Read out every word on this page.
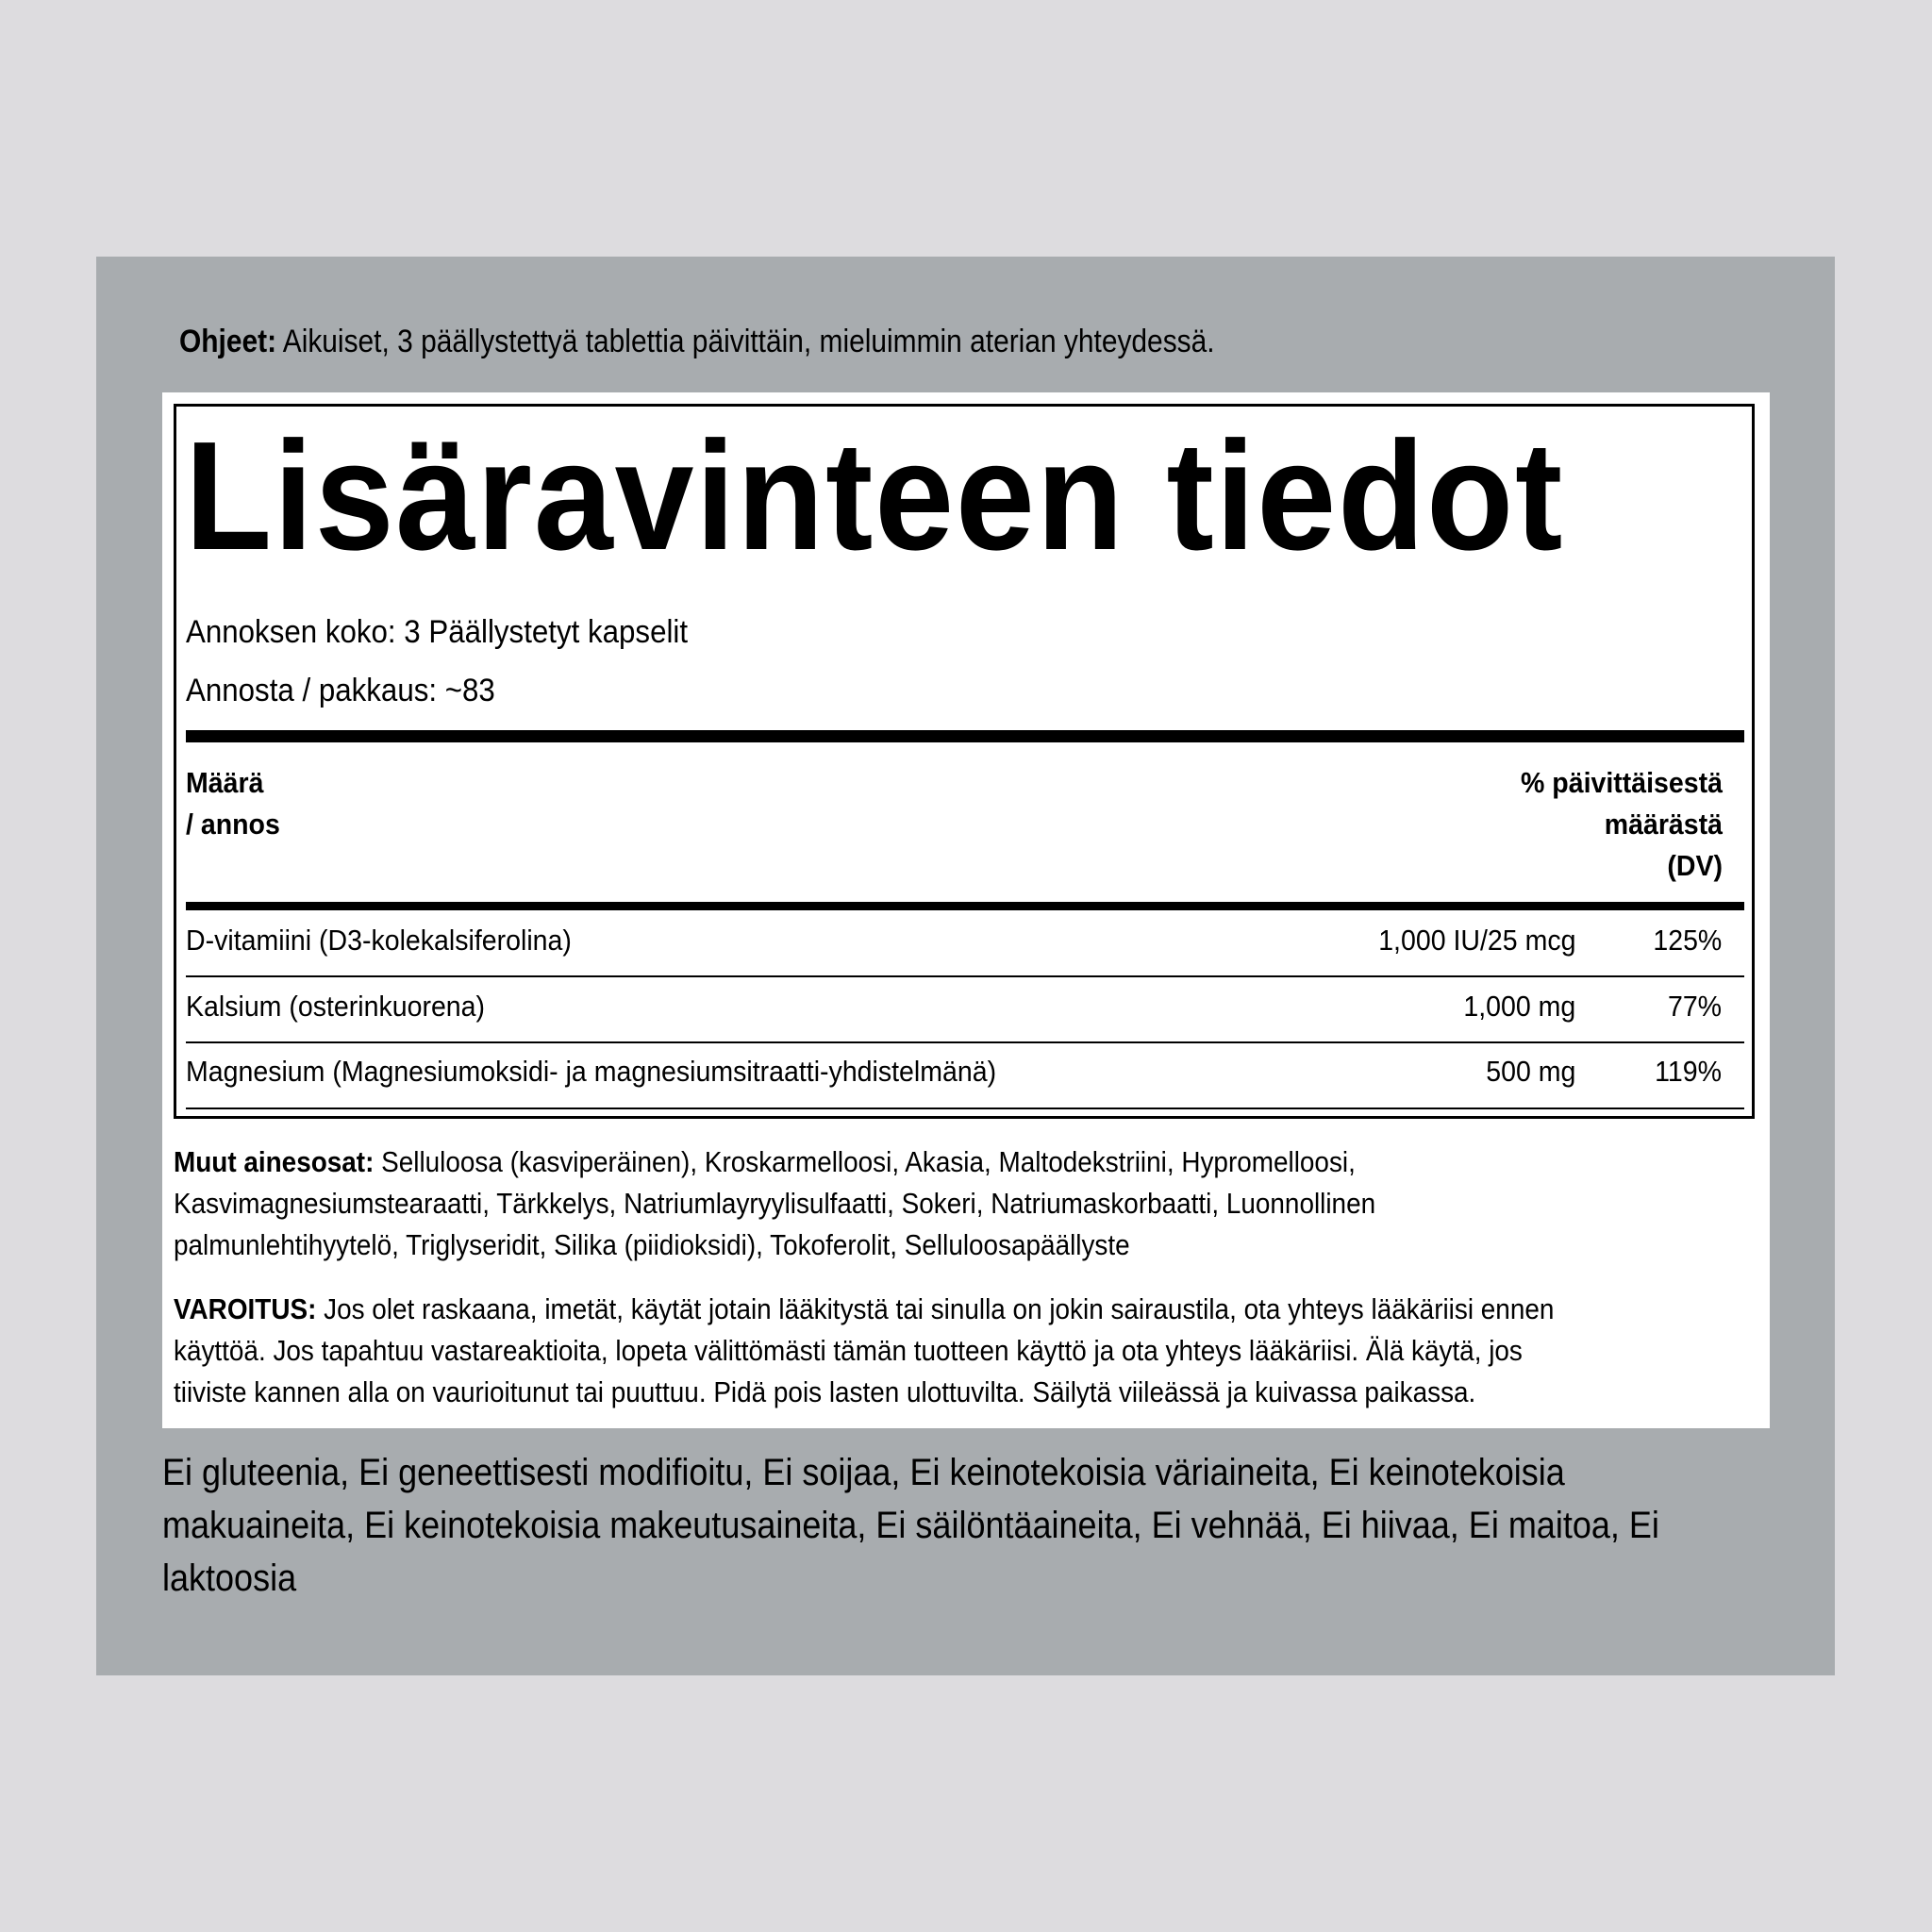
Ohjeet: Aikuiset, 3 päällystettyä tablettia päivittäin, mieluimmin aterian yhteydessä.
Lisäravinteen tiedot
Annoksen koko: 3 Päällystetyt kapselit
Annosta / pakkaus: ~83
Määrä
/ annos
% päivittäisestä
määrästä
(DV)
D-vitamiini (D3-kolekalsiferolina)	1,000 IU/25 mcg	125%
Kalsium (osterinkuorena)	1,000 mg	77%
Magnesium (Magnesiumoksidi- ja magnesiumsitraatti-yhdistelmänä)	500 mg	119%
Muut ainesosat: Selluloosa (kasviperäinen), Kroskarmelloosi, Akasia, Maltodekstriini, Hypromelloosi,
Kasvimagnesiumstearaatti, Tärkkelys, Natriumlayryylisulfaatti, Sokeri, Natriumaskorbaatti, Luonnollinen
palmunlehtihyytelö, Triglyseridit, Silika (piidioksidi), Tokoferolit, Selluloosapäällyste
VAROITUS: Jos olet raskaana, imetät, käytät jotain lääkitystä tai sinulla on jokin sairaustila, ota yhteys lääkäriisi ennen
käyttöä. Jos tapahtuu vastareaktioita, lopeta välittömästi tämän tuotteen käyttö ja ota yhteys lääkäriisi. Älä käytä, jos
tiiviste kannen alla on vaurioitunut tai puuttuu. Pidä pois lasten ulottuvilta. Säilytä viileässä ja kuivassa paikassa.
Ei gluteenia, Ei geneettisesti modifioitu, Ei soijaa, Ei keinotekoisia väriaineita, Ei keinotekoisia
makuaineita, Ei keinotekoisia makeutusaineita, Ei säilöntäaineita, Ei vehnää, Ei hiivaa, Ei maitoa, Ei
laktoosia
